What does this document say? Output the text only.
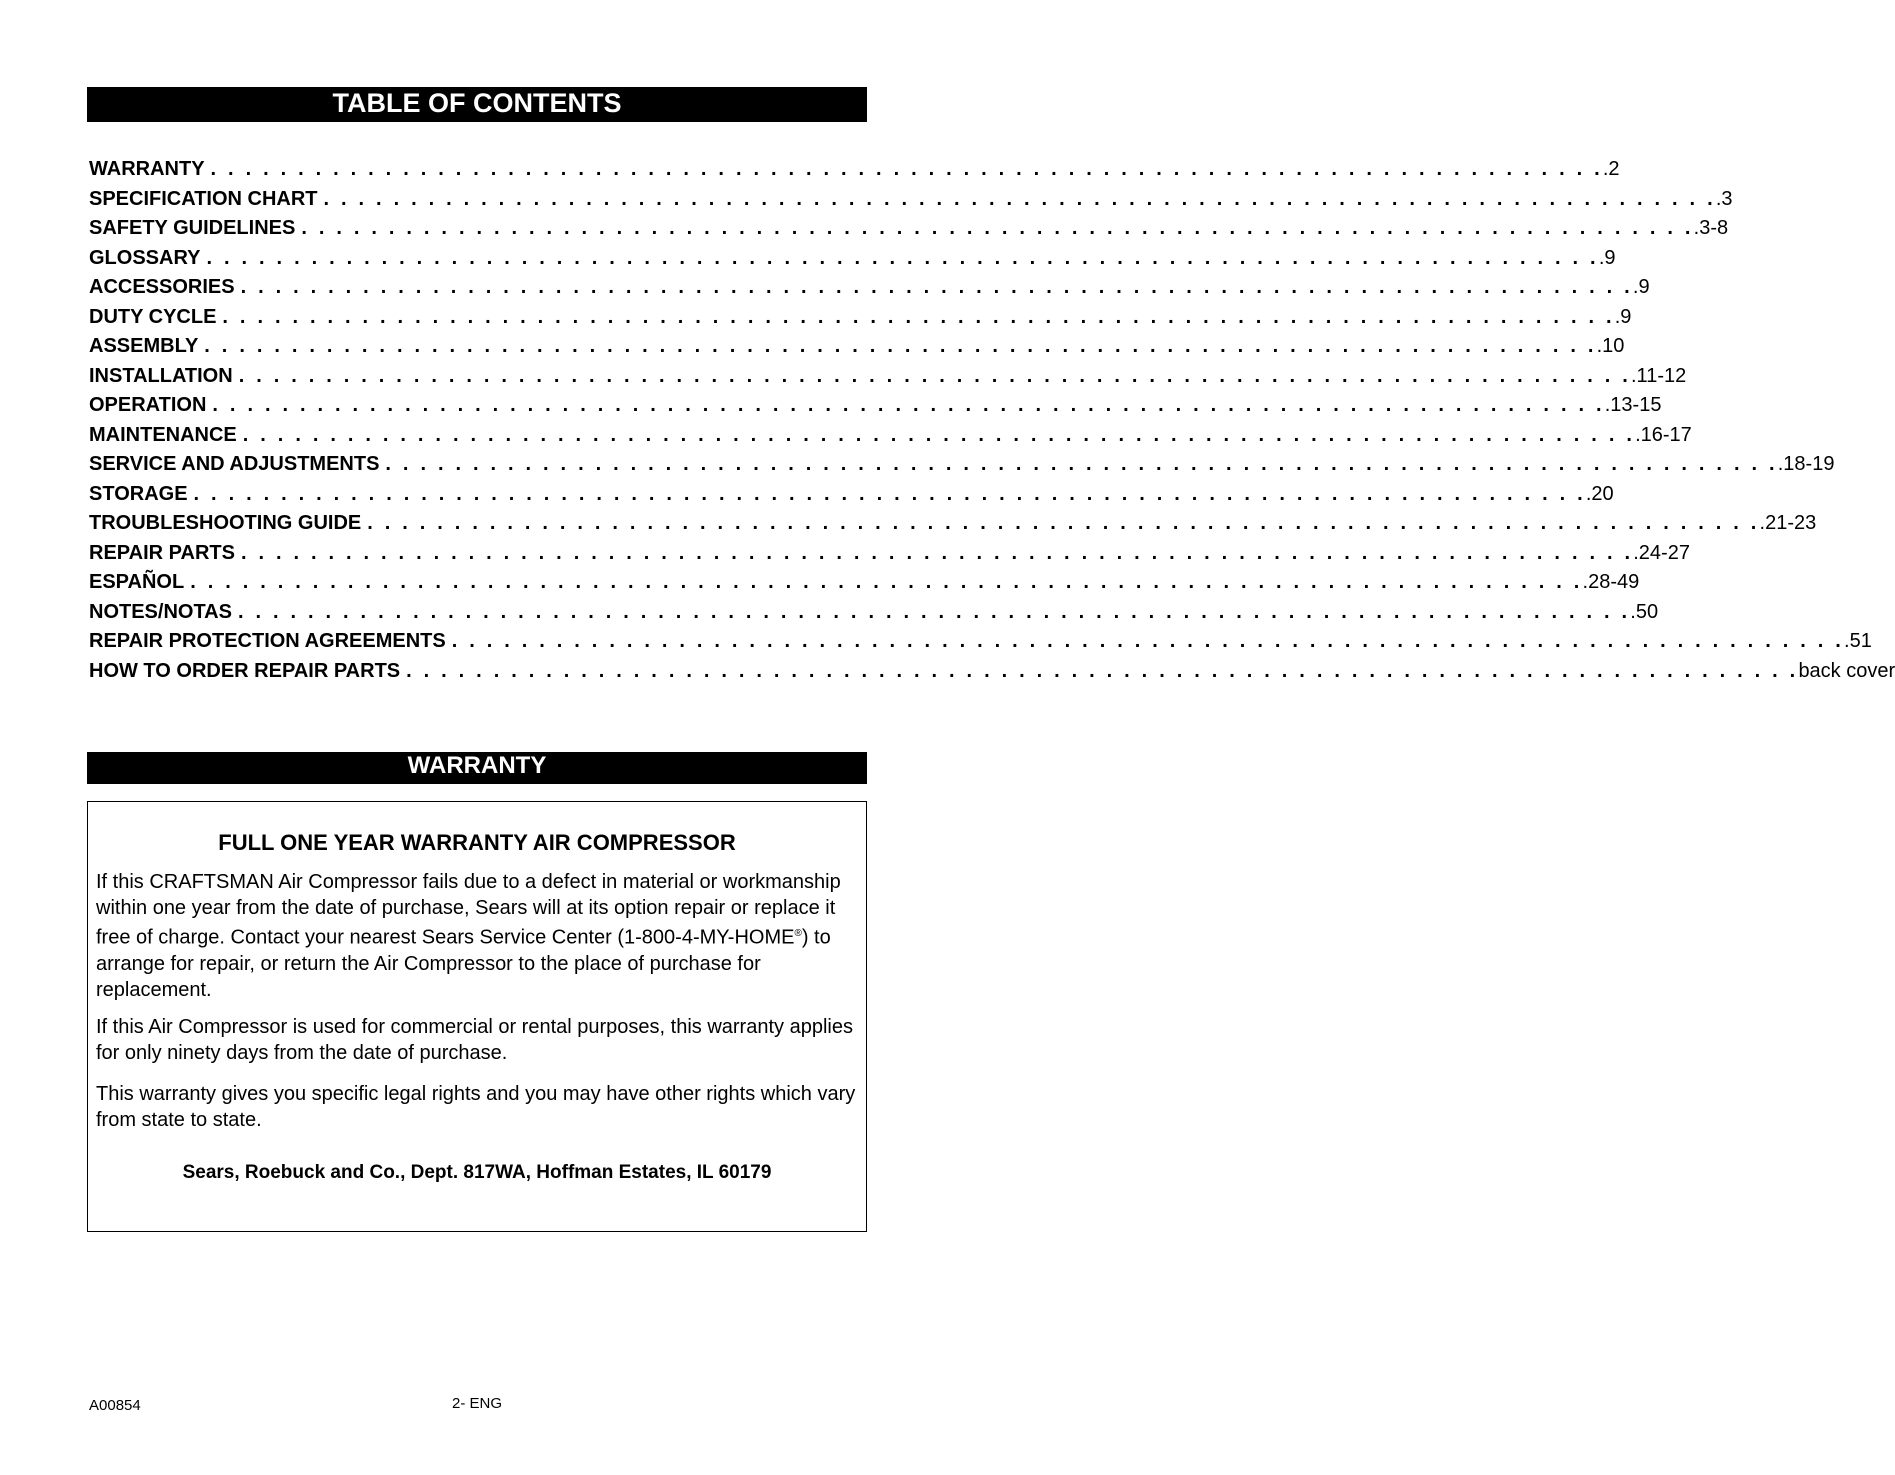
TABLE OF CONTENTS
WARRANTY . . . . . . . . . . . . . . . . . . . . . . . . . . . . . . . . . . . . . . . . . . . . . . . . . . . . . . . . . . . . . . . . . . . . . . . . . . . . . . . . .2
SPECIFICATION CHART . . . . . . . . . . . . . . . . . . . . . . . . . . . . . . . . . . . . . . . . . . . . . . . . . . . . . . . . . . . . . . . . . . . . . . . . . . . . . . . . .3
SAFETY GUIDELINES . . . . . . . . . . . . . . . . . . . . . . . . . . . . . . . . . . . . . . . . . . . . . . . . . . . . . . . . . . . . . . . . . . . . . . . . . . . . . . . . .3-8
GLOSSARY . . . . . . . . . . . . . . . . . . . . . . . . . . . . . . . . . . . . . . . . . . . . . . . . . . . . . . . . . . . . . . . . . . . . . . . . . . . . . . . . .9
ACCESSORIES . . . . . . . . . . . . . . . . . . . . . . . . . . . . . . . . . . . . . . . . . . . . . . . . . . . . . . . . . . . . . . . . . . . . . . . . . . . . . . . . .9
DUTY CYCLE . . . . . . . . . . . . . . . . . . . . . . . . . . . . . . . . . . . . . . . . . . . . . . . . . . . . . . . . . . . . . . . . . . . . . . . . . . . . . . . . .9
ASSEMBLY . . . . . . . . . . . . . . . . . . . . . . . . . . . . . . . . . . . . . . . . . . . . . . . . . . . . . . . . . . . . . . . . . . . . . . . . . . . . . . . . .10
INSTALLATION . . . . . . . . . . . . . . . . . . . . . . . . . . . . . . . . . . . . . . . . . . . . . . . . . . . . . . . . . . . . . . . . . . . . . . . . . . . . . . . . .11-12
OPERATION . . . . . . . . . . . . . . . . . . . . . . . . . . . . . . . . . . . . . . . . . . . . . . . . . . . . . . . . . . . . . . . . . . . . . . . . . . . . . . . . .13-15
MAINTENANCE . . . . . . . . . . . . . . . . . . . . . . . . . . . . . . . . . . . . . . . . . . . . . . . . . . . . . . . . . . . . . . . . . . . . . . . . . . . . . . . . .16-17
SERVICE AND ADJUSTMENTS . . . . . . . . . . . . . . . . . . . . . . . . . . . . . . . . . . . . . . . . . . . . . . . . . . . . . . . . . . . . . . . . . . . . . . . . . . . . . . . . .18-19
STORAGE . . . . . . . . . . . . . . . . . . . . . . . . . . . . . . . . . . . . . . . . . . . . . . . . . . . . . . . . . . . . . . . . . . . . . . . . . . . . . . . . .20
TROUBLESHOOTING GUIDE . . . . . . . . . . . . . . . . . . . . . . . . . . . . . . . . . . . . . . . . . . . . . . . . . . . . . . . . . . . . . . . . . . . . . . . . . . . . . . . . .21-23
REPAIR PARTS . . . . . . . . . . . . . . . . . . . . . . . . . . . . . . . . . . . . . . . . . . . . . . . . . . . . . . . . . . . . . . . . . . . . . . . . . . . . . . . . .24-27
ESPAÑOL . . . . . . . . . . . . . . . . . . . . . . . . . . . . . . . . . . . . . . . . . . . . . . . . . . . . . . . . . . . . . . . . . . . . . . . . . . . . . . . . .28-49
NOTES/NOTAS . . . . . . . . . . . . . . . . . . . . . . . . . . . . . . . . . . . . . . . . . . . . . . . . . . . . . . . . . . . . . . . . . . . . . . . . . . . . . . . . .50
REPAIR PROTECTION AGREEMENTS . . . . . . . . . . . . . . . . . . . . . . . . . . . . . . . . . . . . . . . . . . . . . . . . . . . . . . . . . . . . . . . . . . . . . . . . . . . . . . . . .51
HOW TO ORDER REPAIR PARTS . . . . . . . . . . . . . . . . . . . . . . . . . . . . . . . . . . . . . . . . . . . . . . . . . . . . . . . . . . . . . . . . . . . . . . . . . . . . . . . . back cover
WARRANTY
FULL ONE YEAR WARRANTY AIR COMPRESSOR

If this CRAFTSMAN Air Compressor fails due to a defect in material or workmanship within one year from the date of purchase, Sears will at its option repair or replace it free of charge. Contact your nearest Sears Service Center (1-800-4-MY-HOME®) to arrange for repair, or return the Air Compressor to the place of purchase for replacement.

If this Air Compressor is used for commercial or rental purposes, this warranty applies for only ninety days from the date of purchase.

This warranty gives you specific legal rights and you may have other rights which vary from state to state.

Sears, Roebuck and Co., Dept. 817WA, Hoffman Estates, IL 60179
A00854	2- ENG
